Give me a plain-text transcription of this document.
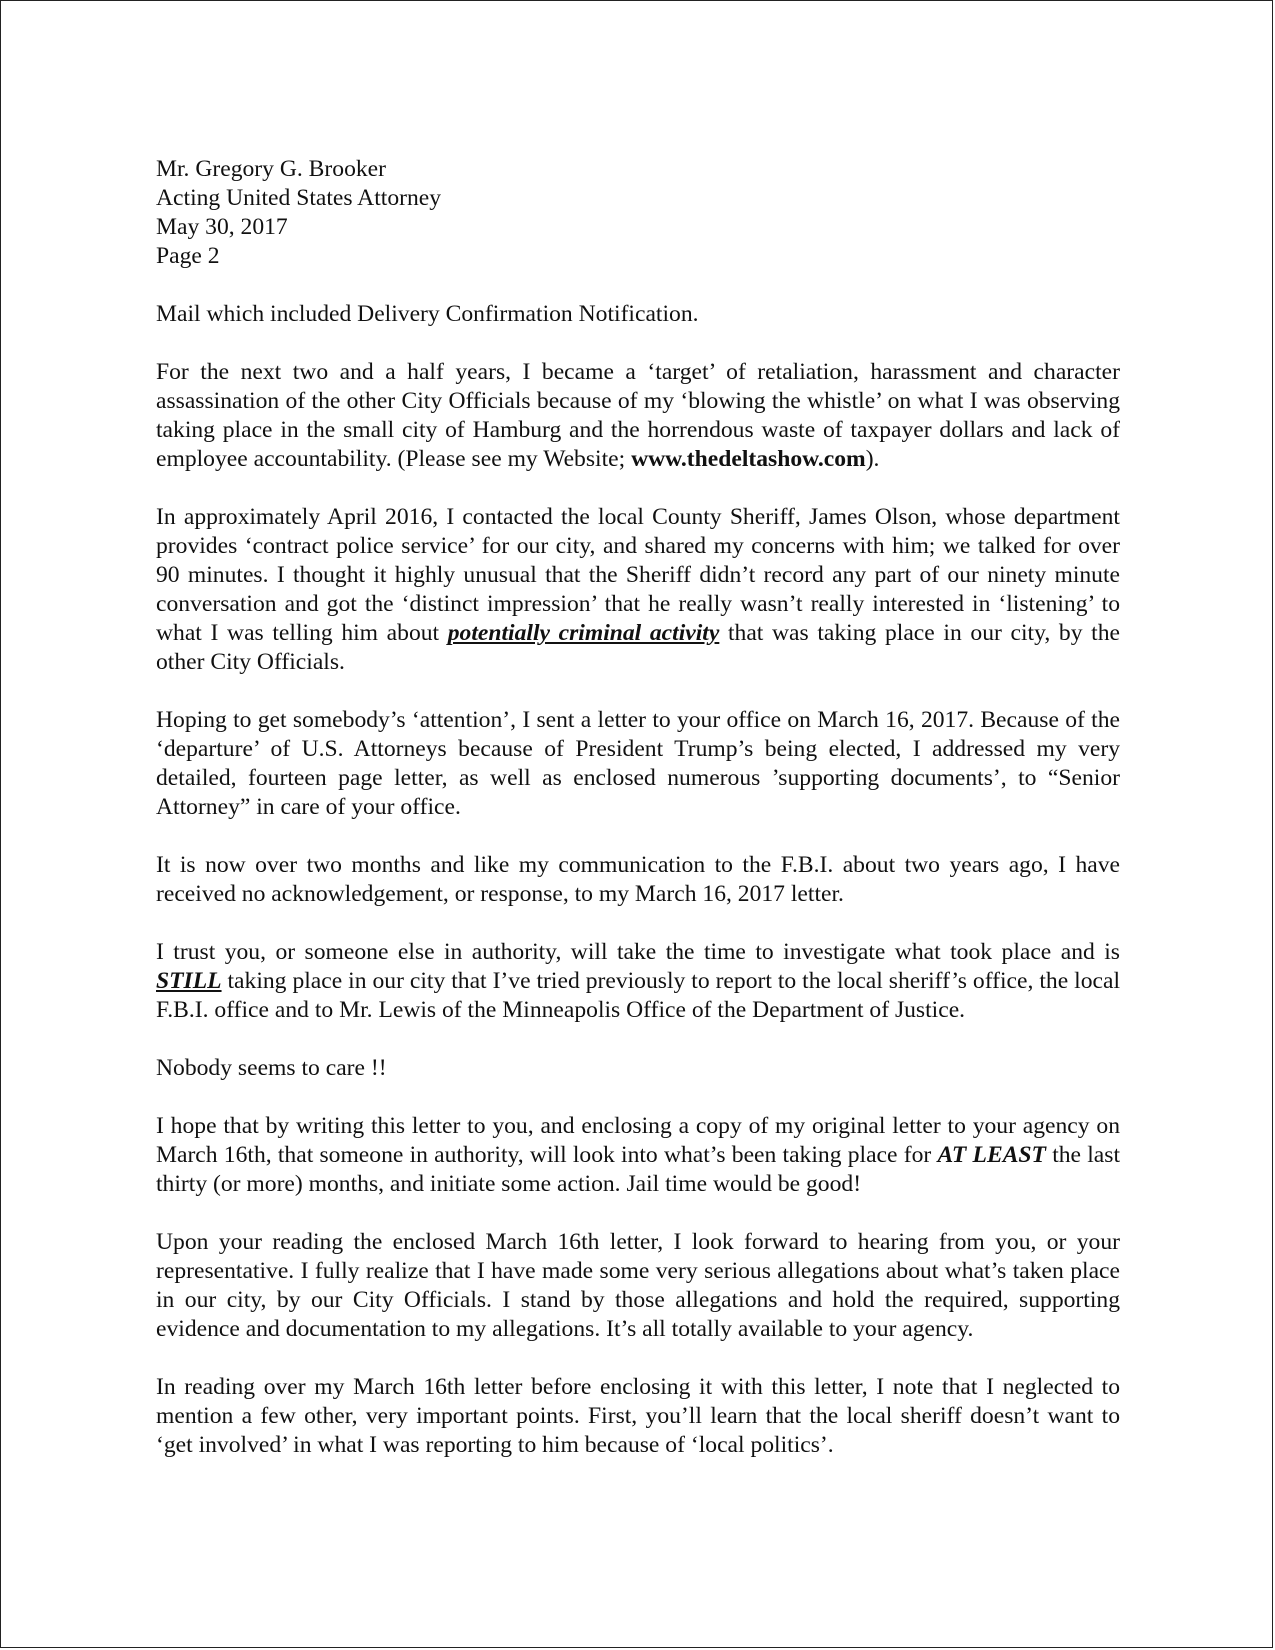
Mr. Gregory G. Brooker
Acting United States Attorney
May 30, 2017
Page 2

Mail which included Delivery Confirmation Notification.

For the next two and a half years, I became a ‘target’ of retaliation, harassment and character assassination of the other City Officials because of my ‘blowing the whistle’ on what I was observing taking place in the small city of Hamburg and the horrendous waste of taxpayer dollars and lack of employee accountability. (Please see my Website; www.thedeltashow.com).

In approximately April 2016, I contacted the local County Sheriff, James Olson, whose department provides ‘contract police service’ for our city, and shared my concerns with him; we talked for over 90 minutes. I thought it highly unusual that the Sheriff didn’t record any part of our ninety minute conversation and got the ‘distinct impression’ that he really wasn’t really interested in ‘listening’ to what I was telling him about potentially criminal activity that was taking place in our city, by the other City Officials.

Hoping to get somebody’s ‘attention’, I sent a letter to your office on March 16, 2017. Because of the ‘departure’ of U.S. Attorneys because of President Trump’s being elected, I addressed my very detailed, fourteen page letter, as well as enclosed numerous ’supporting documents’, to “Senior Attorney” in care of your office.

It is now over two months and like my communication to the F.B.I. about two years ago, I have received no acknowledgement, or response, to my March 16, 2017 letter.

I trust you, or someone else in authority, will take the time to investigate what took place and is STILL taking place in our city that I’ve tried previously to report to the local sheriff’s office, the local F.B.I. office and to Mr. Lewis of the Minneapolis Office of the Department of Justice.

Nobody seems to care !!

I hope that by writing this letter to you, and enclosing a copy of my original letter to your agency on March 16th, that someone in authority, will look into what’s been taking place for AT LEAST the last thirty (or more) months, and initiate some action. Jail time would be good!

Upon your reading the enclosed March 16th letter, I look forward to hearing from you, or your representative. I fully realize that I have made some very serious allegations about what’s taken place in our city, by our City Officials. I stand by those allegations and hold the required, supporting evidence and documentation to my allegations. It’s all totally available to your agency.

In reading over my March 16th letter before enclosing it with this letter, I note that I neglected to mention a few other, very important points. First, you’ll learn that the local sheriff doesn’t want to ‘get involved’ in what I was reporting to him because of ‘local politics’.
